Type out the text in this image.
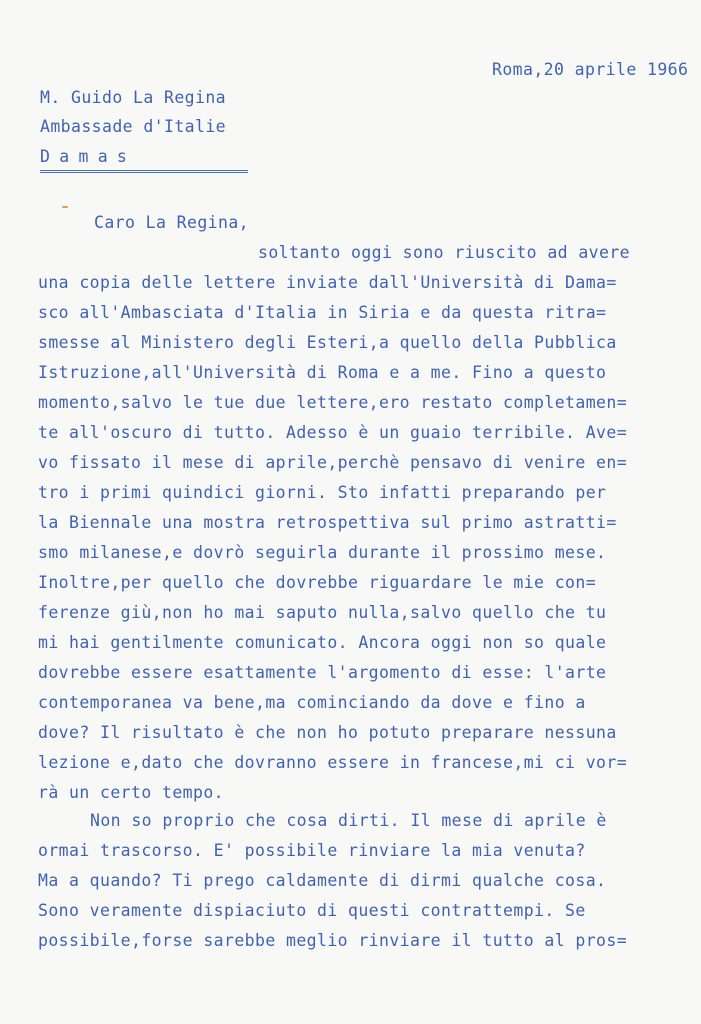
Roma,20 aprile 1966
M. Guido La Regina
Ambassade d'Italie
Damas
Caro La Regina,
soltanto oggi sono riuscito ad avere
una copia delle lettere inviate dall'Università di Dama=
sco all'Ambasciata d'Italia in Siria e da questa ritra=
smesse al Ministero degli Esteri,a quello della Pubblica
Istruzione,all'Università di Roma e a me. Fino a questo
momento,salvo le tue due lettere,ero restato completamen=
te all'oscuro di tutto. Adesso è un guaio terribile. Ave=
vo fissato il mese di aprile,perchè pensavo di venire en=
tro i primi quindici giorni. Sto infatti preparando per
la Biennale una mostra retrospettiva sul primo astratti=
smo milanese,e dovrò seguirla durante il prossimo mese.
Inoltre,per quello che dovrebbe riguardare le mie con=
ferenze giù,non ho mai saputo nulla,salvo quello che tu
mi hai gentilmente comunicato. Ancora oggi non so quale
dovrebbe essere esattamente l'argomento di esse: l'arte
contemporanea va bene,ma cominciando da dove e fino a
dove? Il risultato è che non ho potuto preparare nessuna
lezione e,dato che dovranno essere in francese,mi ci vor=
rà un certo tempo.
Non so proprio che cosa dirti. Il mese di aprile è
ormai trascorso. E' possibile rinviare la mia venuta?
Ma a quando? Ti prego caldamente di dirmi qualche cosa.
Sono veramente dispiaciuto di questi contrattempi. Se
possibile,forse sarebbe meglio rinviare il tutto al pros=
